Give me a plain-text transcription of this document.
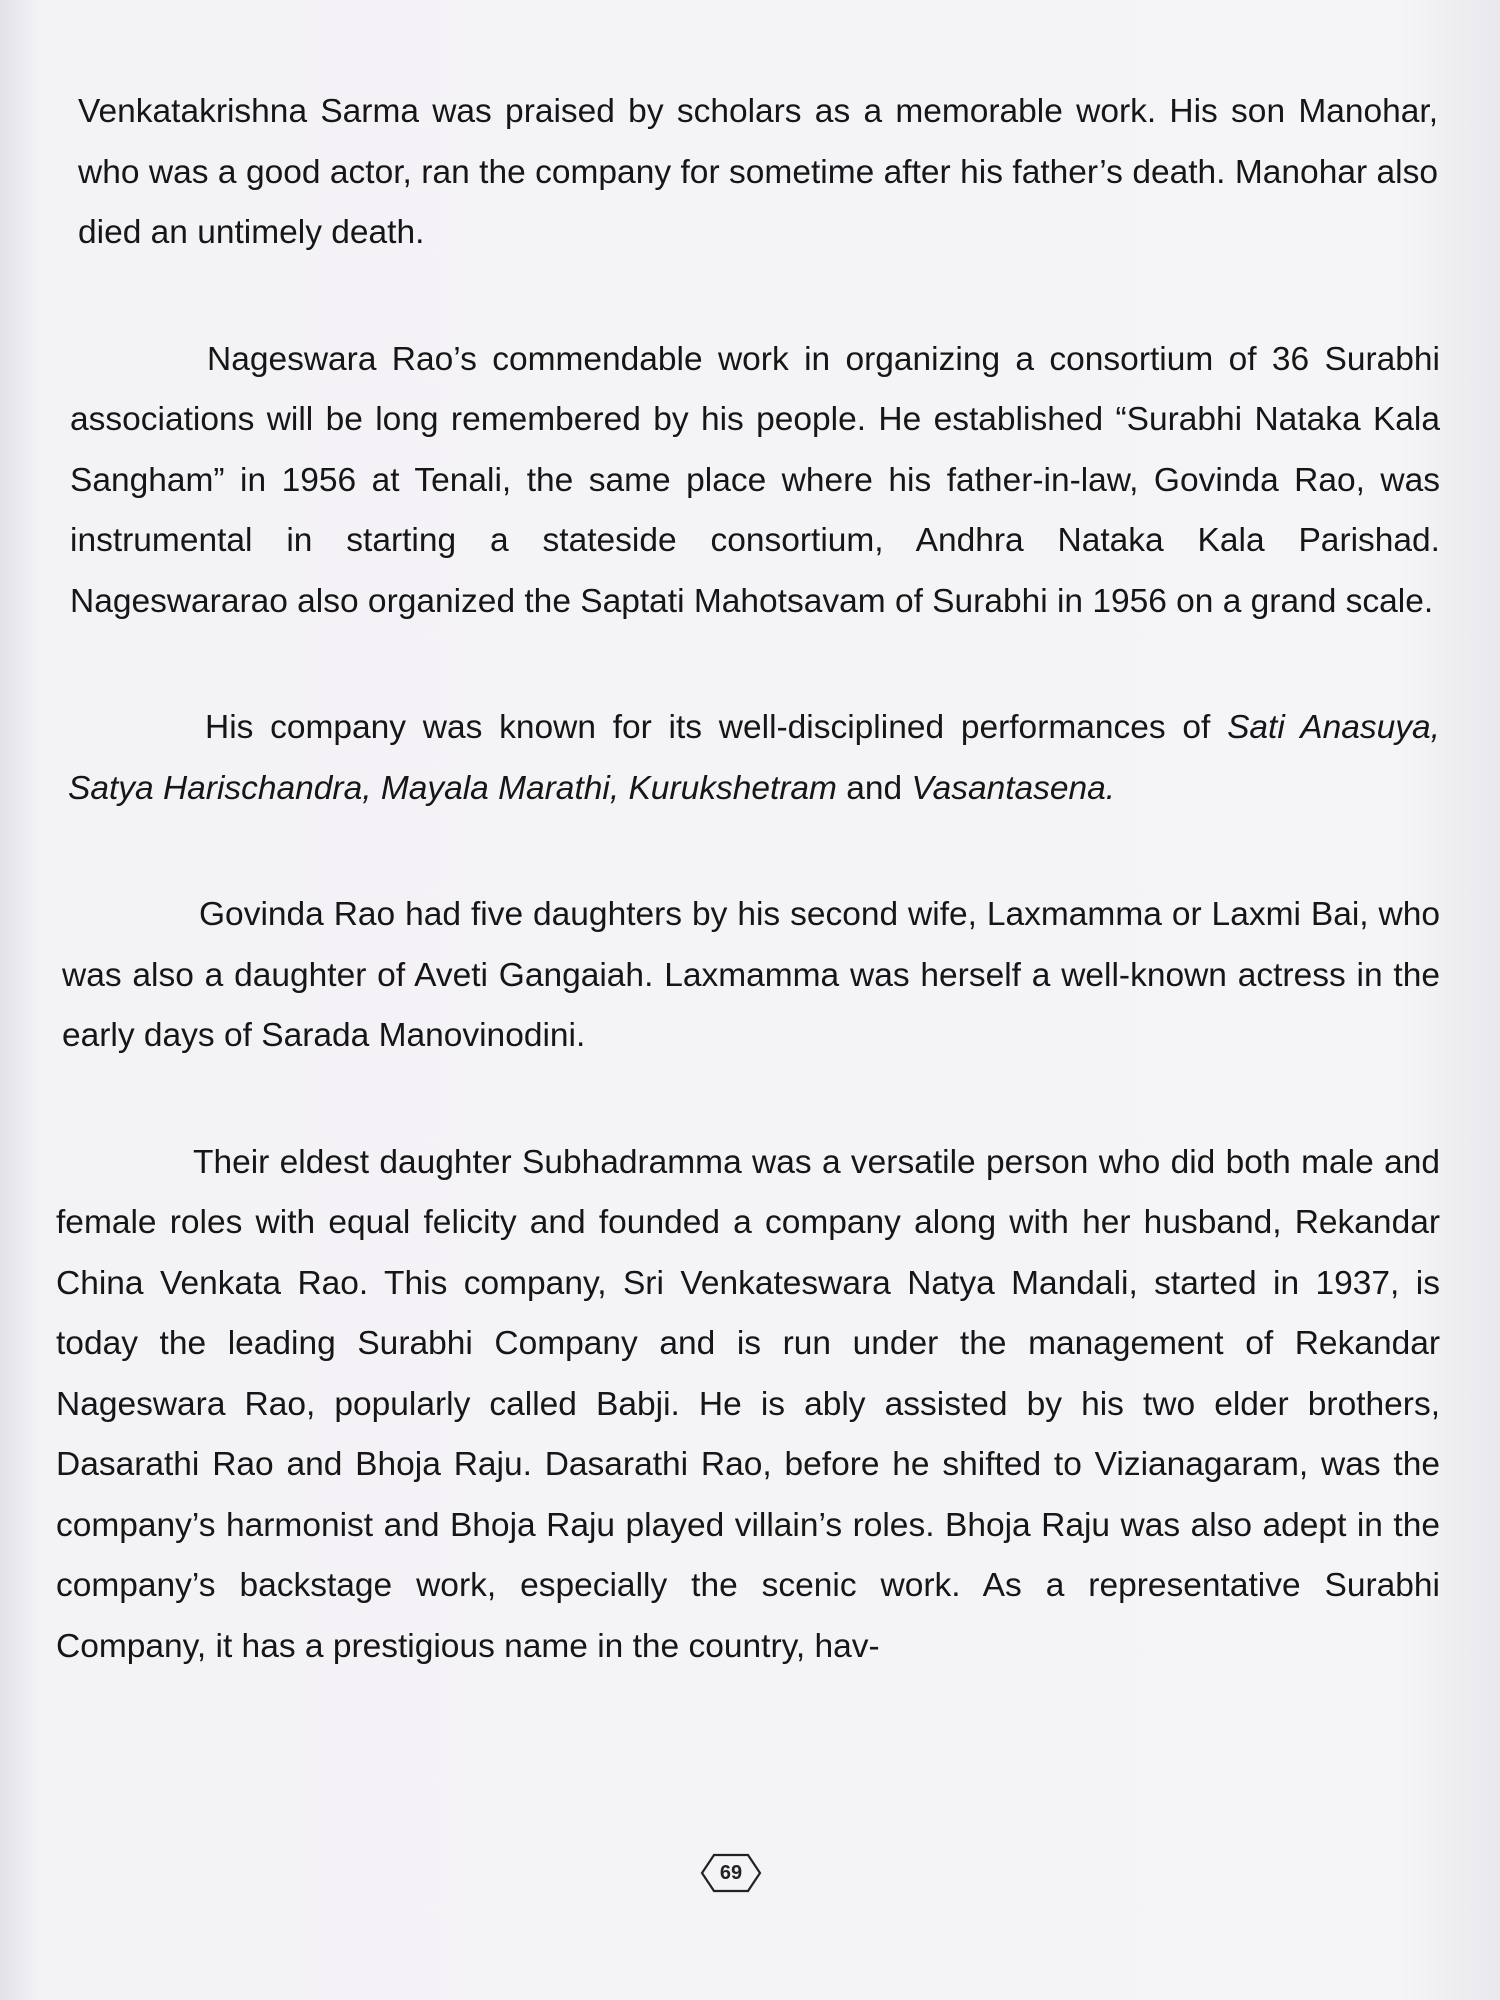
Venkatakrishna Sarma was praised by scholars as a memorable work. His son Manohar, who was a good actor, ran the company for sometime after his father’s death. Manohar also died an untimely death.

Nageswara Rao’s commendable work in organizing a consortium of 36 Surabhi associations will be long remembered by his people. He established “Surabhi Nataka Kala Sangham” in 1956 at Tenali, the same place where his father-in-law, Govinda Rao, was instrumental in starting a stateside consortium, Andhra Nataka Kala Parishad. Nageswararao also organized the Saptati Mahotsavam of Surabhi in 1956 on a grand scale.

His company was known for its well-disciplined performances of Sati Anasuya, Satya Harischandra, Mayala Marathi, Kurukshetram and Vasantasena.

Govinda Rao had five daughters by his second wife, Laxmamma or Laxmi Bai, who was also a daughter of Aveti Gangaiah. Laxmamma was herself a well-known actress in the early days of Sarada Manovinodini.

Their eldest daughter Subhadramma was a versatile person who did both male and female roles with equal felicity and founded a company along with her husband, Rekandar China Venkata Rao. This company, Sri Venkateswara Natya Mandali, started in 1937, is today the leading Surabhi Company and is run under the management of Rekandar Nageswara Rao, popularly called Babji. He is ably assisted by his two elder brothers, Dasarathi Rao and Bhoja Raju. Dasarathi Rao, before he shifted to Vizianagaram, was the company’s harmonist and Bhoja Raju played villain’s roles. Bhoja Raju was also adept in the company’s backstage work, especially the scenic work. As a representative Surabhi Company, it has a prestigious name in the country, hav-

69
